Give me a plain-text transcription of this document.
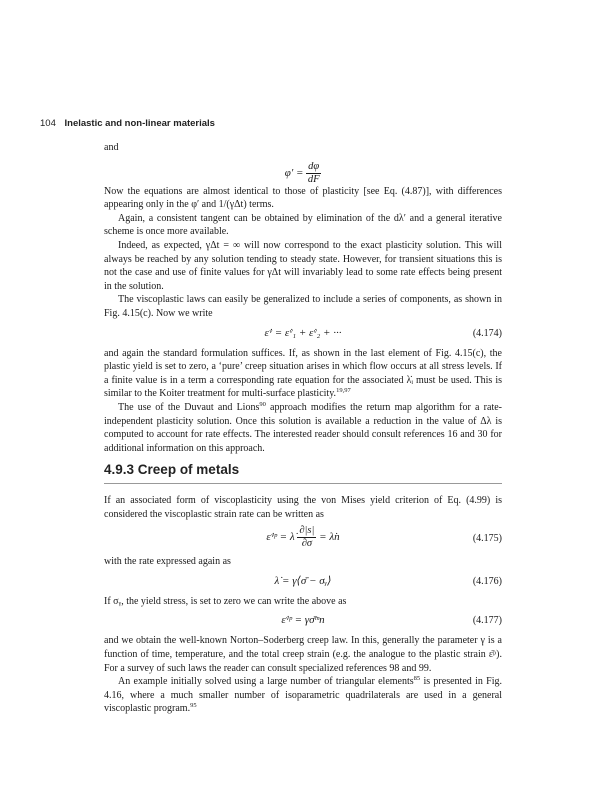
104 Inelastic and non-linear materials

and

$\varphi' = \frac{d\varphi}{dF}$

Now the equations are almost identical to those of plasticity [see Eq. (4.87)], with differences appearing only in the φ′ and 1/(γΔt) terms.

Again, a consistent tangent can be obtained by elimination of the dλ′ and a general iterative scheme is once more available.

Indeed, as expected, γΔt = ∞ will now correspond to the exact plasticity solution. This will always be reached by any solution tending to steady state. However, for transient situations this is not the case and use of finite values for γΔt will invariably lead to some rate effects being present in the solution.

The viscoplastic laws can easily be generalized to include a series of components, as shown in Fig. 4.15(c). Now we write

ε̇ᵛ = ε̇ᵛ₁ + ε̇ᵛ₂ + ···	(4.174)

and again the standard formulation suffices. If, as shown in the last element of Fig. 4.15(c), the plastic yield is set to zero, a ‘pure’ creep situation arises in which flow occurs at all stress levels. If a finite value is in a term a corresponding rate equation for the associated λ̇ᵢ must be used. This is similar to the Koiter treatment for multi-surface plasticity.$^{19,97}$

The use of the Duvaut and Lions$^{90}$ approach modifies the return map algorithm for a rate-independent plasticity solution. Once this solution is available a reduction in the value of Δλ is computed to account for rate effects. The interested reader should consult references 16 and 30 for additional information on this approach.

4.9.3 Creep of metals

If an associated form of viscoplasticity using the von Mises yield criterion of Eq. (4.99) is considered the viscoplastic strain rate can be written as

ε̇ᵛᵖ = λ̇ $\frac{\partial|s|}{\partial\sigma}$ = λ̇n	(4.175)

with the rate expressed again as

λ̇ = γ⟨σ̄ − σᵧ⟩	(4.176)

If σᵧ, the yield stress, is set to zero we can write the above as

ε̇ᵛᵖ = γσ̄ᵐn	(4.177)

and we obtain the well-known Norton–Soderberg creep law. In this, generally the parameter γ is a function of time, temperature, and the total creep strain (e.g. the analogue to the plastic strain ε̄ᵖ). For a survey of such laws the reader can consult specialized references 98 and 99.

An example initially solved using a large number of triangular elements$^{85}$ is presented in Fig. 4.16, where a much smaller number of isoparametric quadrilaterals are used in a general viscoplastic program.$^{95}$
